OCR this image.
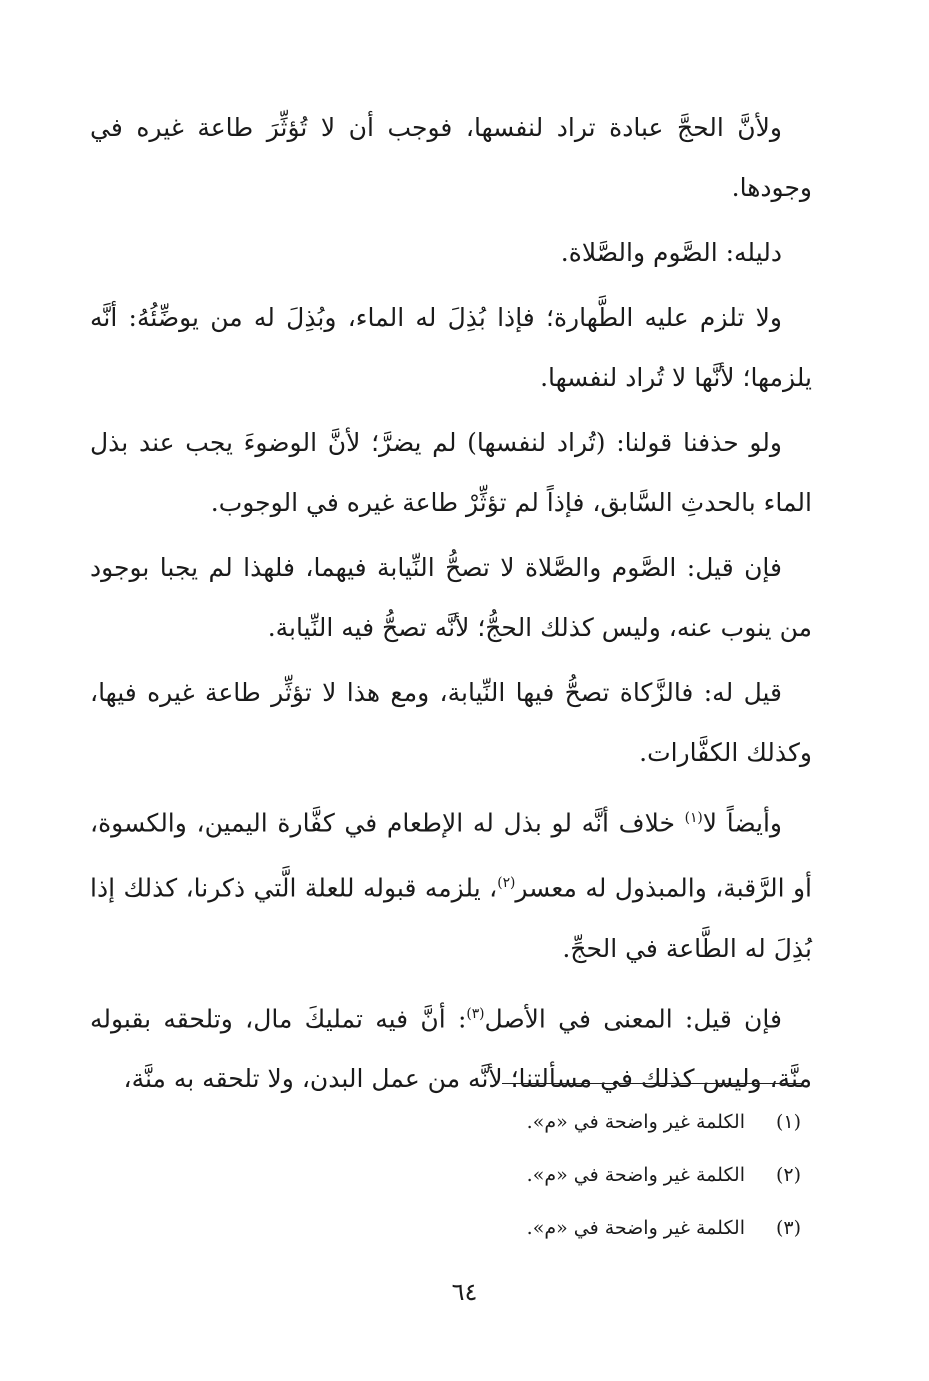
ولأنَّ الحجَّ عبادة تراد لنفسها، فوجب أن لا تُؤثِّرَ طاعة غيره في وجودها.

دليله: الصَّوم والصَّلاة.

ولا تلزم عليه الطَّهارة؛ فإذا بُذِلَ له الماء، وبُذِلَ له من يوضِّئُهُ: أنَّه يلزمها؛ لأنَّها لا تُراد لنفسها.

ولو حذفنا قولنا: (تُراد لنفسها) لم يضرَّ؛ لأنَّ الوضوءَ يجب عند بذل الماء بالحدثِ السَّابق، فإذاً لم تؤثِّرْ طاعة غيره في الوجوب.

فإن قيل: الصَّوم والصَّلاة لا تصحُّ النِّيابة فيهما، فلهذا لم يجبا بوجود من ينوب عنه، وليس كذلك الحجُّ؛ لأنَّه تصحُّ فيه النِّيابة.

قيل له: فالزَّكاة تصحُّ فيها النِّيابة، ومع هذا لا تؤثِّر طاعة غيره فيها، وكذلك الكفَّارات.

وأيضاً لا$^{(١)}$ خلاف أنَّه لو بذل له الإطعام في كفَّارة اليمين، والكسوة، أو الرَّقبة، والمبذول له معسر$^{(٢)}$، يلزمه قبوله للعلة الَّتي ذكرنا، كذلك إذا بُذِلَ له الطَّاعة في الحجِّ.

فإن قيل: المعنى في الأصل$^{(٣)}$: أنَّ فيه تمليكَ مال، وتلحقه بقبوله منَّة، وليس كذلك في مسألتنا؛ لأنَّه من عمل البدن، ولا تلحقه به منَّة،

(١)
الكلمة غير واضحة في «م».
(٢)
الكلمة غير واضحة في «م».
(٣)
الكلمة غير واضحة في «م».
٦٤
